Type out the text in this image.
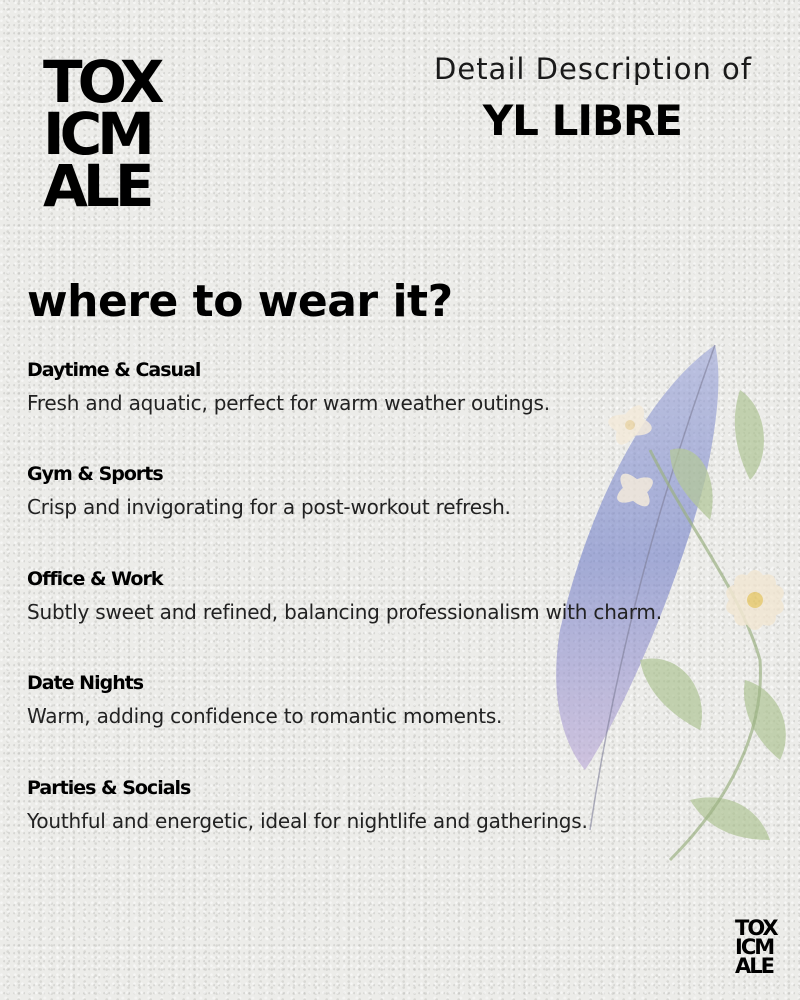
TOX
ICM
ALE
Detail Description of
YL LIBRE
where to wear it?
Daytime & Casual
Fresh and aquatic, perfect for warm weather outings.
Gym & Sports
Crisp and invigorating for a post-workout refresh.
Office & Work
Subtly sweet and refined, balancing professionalism with charm.
Date Nights
Warm, adding confidence to romantic moments.
Parties & Socials
Youthful and energetic, ideal for nightlife and gatherings.
TOX
ICM
ALE
